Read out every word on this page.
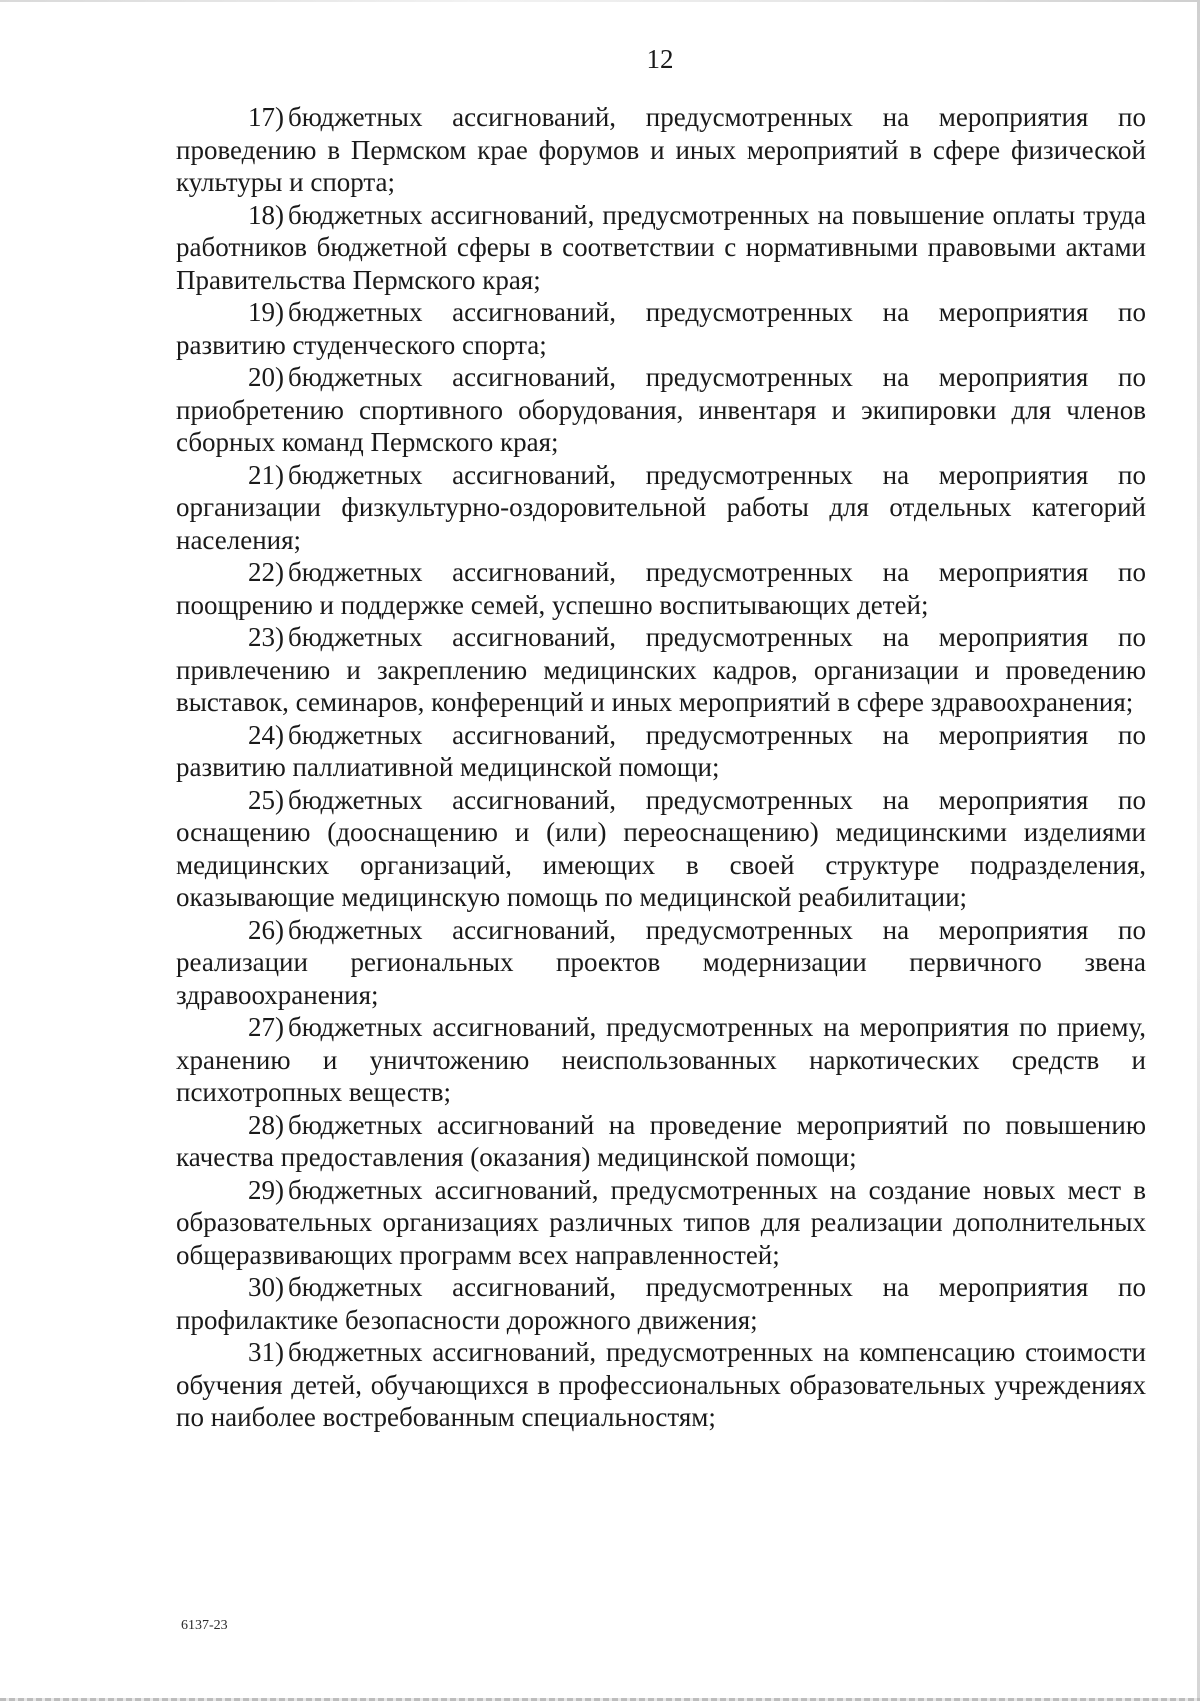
12

17) бюджетных ассигнований, предусмотренных на мероприятия по проведению в Пермском крае форумов и иных мероприятий в сфере физической культуры и спорта;

18) бюджетных ассигнований, предусмотренных на повышение оплаты труда работников бюджетной сферы в соответствии с нормативными правовыми актами Правительства Пермского края;

19) бюджетных ассигнований, предусмотренных на мероприятия по развитию студенческого спорта;

20) бюджетных ассигнований, предусмотренных на мероприятия по приобретению спортивного оборудования, инвентаря и экипировки для членов сборных команд Пермского края;

21) бюджетных ассигнований, предусмотренных на мероприятия по организации физкультурно-оздоровительной работы для отдельных категорий населения;

22) бюджетных ассигнований, предусмотренных на мероприятия по поощрению и поддержке семей, успешно воспитывающих детей;

23) бюджетных ассигнований, предусмотренных на мероприятия по привлечению и закреплению медицинских кадров, организации и проведению выставок, семинаров, конференций и иных мероприятий в сфере здравоохранения;

24) бюджетных ассигнований, предусмотренных на мероприятия по развитию паллиативной медицинской помощи;

25) бюджетных ассигнований, предусмотренных на мероприятия по оснащению (дооснащению и (или) переоснащению) медицинскими изделиями медицинских организаций, имеющих в своей структуре подразделения, оказывающие медицинскую помощь по медицинской реабилитации;

26) бюджетных ассигнований, предусмотренных на мероприятия по реализации региональных проектов модернизации первичного звена здравоохранения;

27) бюджетных ассигнований, предусмотренных на мероприятия по приему, хранению и уничтожению неиспользованных наркотических средств и психотропных веществ;

28) бюджетных ассигнований на проведение мероприятий по повышению качества предоставления (оказания) медицинской помощи;

29) бюджетных ассигнований, предусмотренных на создание новых мест в образовательных организациях различных типов для реализации дополнительных общеразвивающих программ всех направленностей;

30) бюджетных ассигнований, предусмотренных на мероприятия по профилактике безопасности дорожного движения;

31) бюджетных ассигнований, предусмотренных на компенсацию стоимости обучения детей, обучающихся в профессиональных образовательных учреждениях по наиболее востребованным специальностям;

6137-23
